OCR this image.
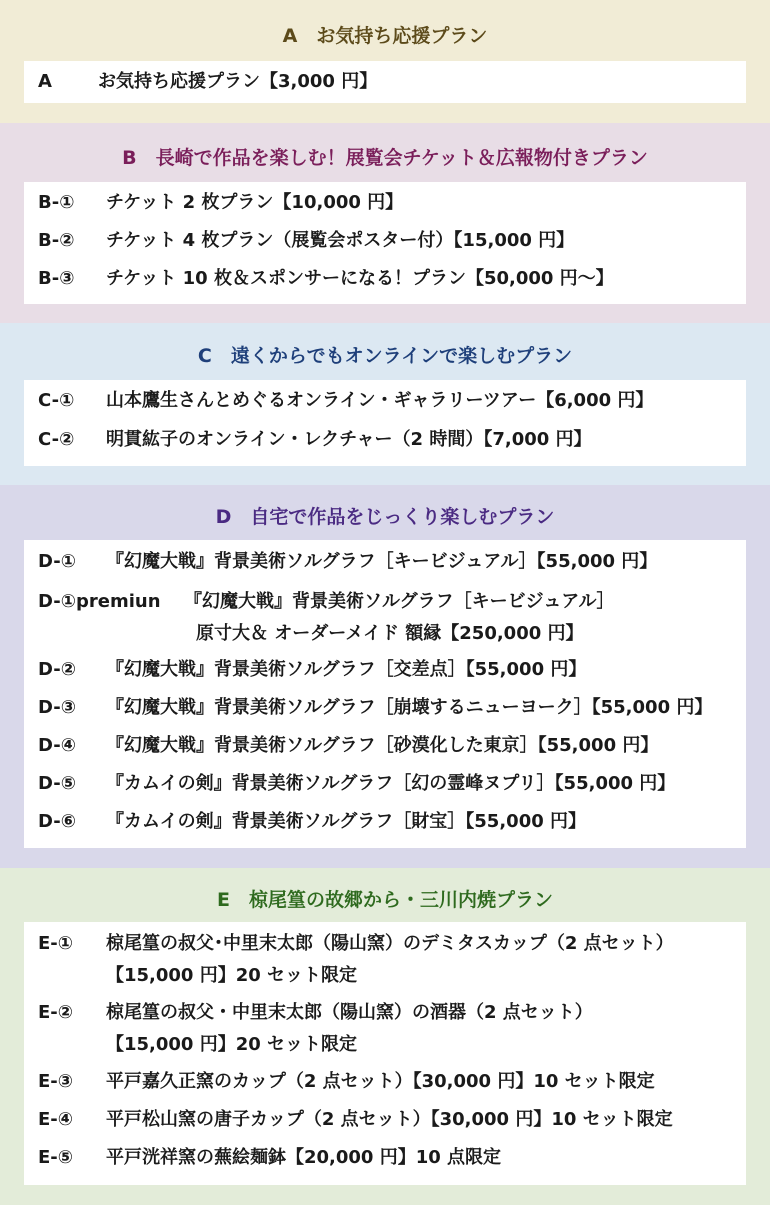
A　お気持ち応援プラン
A	お気持ち応援プラン【3,000 円】
B　長崎で作品を楽しむ！展覧会チケット＆広報物付きプラン
B-① チケット 2 枚プラン【10,000 円】
B-② チケット 4 枚プラン（展覧会ポスター付）【15,000 円】
B-③ チケット 10 枚＆スポンサーになる！プラン【50,000 円～】
C　遠くからでもオンラインで楽しむプラン
C-① 山本鷹生さんとめぐるオンライン・ギャラリーツアー【6,000 円】
C-② 明貫紘子のオンライン・レクチャー（2 時間）【7,000 円】
D　自宅で作品をじっくり楽しむプラン
D-① 『幻魔大戦』背景美術ソルグラフ［キービジュアル］【55,000 円】
D-①premiun 『幻魔大戦』背景美術ソルグラフ［キービジュアル］
原寸大＆ オーダーメイド 額縁【250,000 円】
D-② 『幻魔大戦』背景美術ソルグラフ［交差点］【55,000 円】
D-③ 『幻魔大戦』背景美術ソルグラフ［崩壊するニューヨーク］【55,000 円】
D-④ 『幻魔大戦』背景美術ソルグラフ［砂漠化した東京］【55,000 円】
D-⑤ 『カムイの剣』背景美術ソルグラフ［幻の霊峰ヌプリ］【55,000 円】
D-⑥ 『カムイの剣』背景美術ソルグラフ［財宝］【55,000 円】
E　椋尾篁の故郷から・三川内焼プラン
E-① 椋尾篁の叔父･中里末太郎（陽山窯）のデミタスカップ（2 点セット）
【15,000 円】20 セット限定
E-② 椋尾篁の叔父・中里末太郎（陽山窯）の酒器（2 点セット）
【15,000 円】20 セット限定
E-③ 平戸嘉久正窯のカップ（2 点セット）【30,000 円】10 セット限定
E-④ 平戸松山窯の唐子カップ（2 点セット）【30,000 円】10 セット限定
E-⑤ 平戸洸祥窯の蕪絵麺鉢【20,000 円】10 点限定
